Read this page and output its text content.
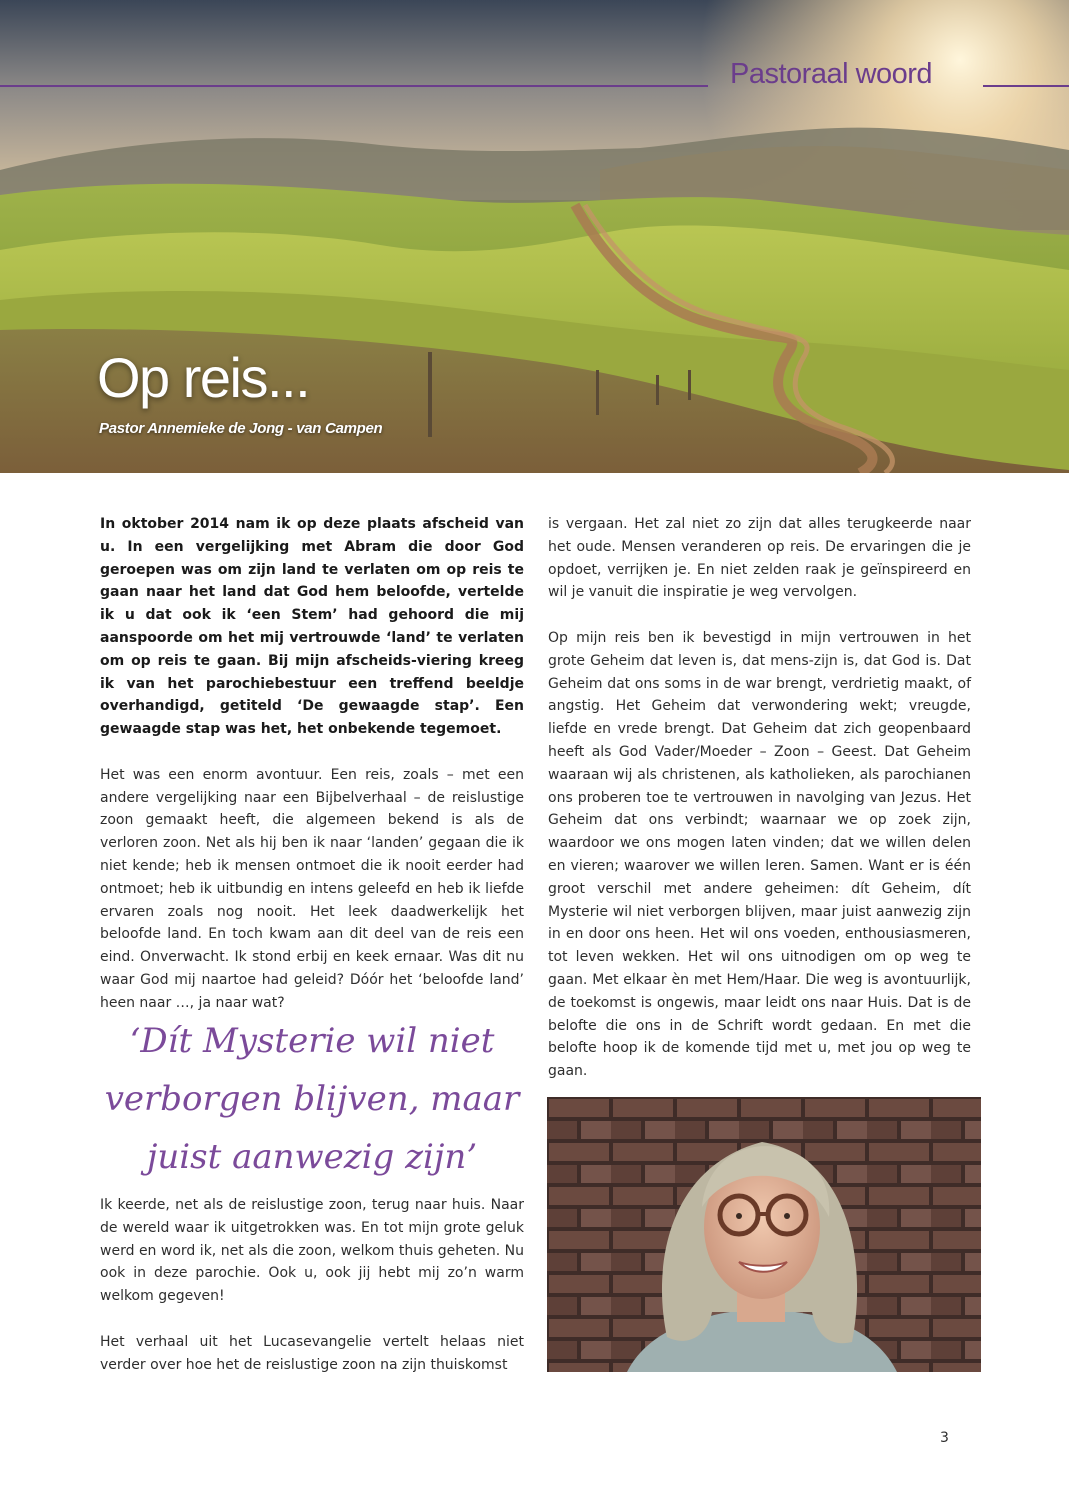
Pastoraal woord
Op reis...
Pastor Annemieke de Jong - van Campen

In oktober 2014 nam ik op deze plaats afscheid van u. In een vergelijking met Abram die door God geroepen was om zijn land te verlaten om op reis te gaan naar het land dat God hem beloofde, vertelde ik u dat ook ik ‘een Stem’ had gehoord die mij aanspoorde om het mij vertrouwde ‘land’ te verlaten om op reis te gaan. Bij mijn afscheids-viering kreeg ik van het parochiebestuur een treffend beeldje overhandigd, getiteld ‘De gewaagde stap’. Een gewaagde stap was het, het onbekende tegemoet.

Het was een enorm avontuur. Een reis, zoals – met een andere vergelijking naar een Bijbelverhaal – de reislustige zoon gemaakt heeft, die algemeen bekend is als de verloren zoon. Net als hij ben ik naar ‘landen’ gegaan die ik niet kende; heb ik mensen ontmoet die ik nooit eerder had ontmoet; heb ik uitbundig en intens geleefd en heb ik liefde ervaren zoals nog nooit. Het leek daadwerkelijk het beloofde land. En toch kwam aan dit deel van de reis een eind. Onverwacht. Ik stond erbij en keek ernaar. Was dit nu waar God mij naartoe had geleid? Dóór het ‘beloofde land’ heen naar …, ja naar wat?

‘Dít Mysterie wil niet verborgen blijven, maar juist aanwezig zijn’

Ik keerde, net als de reislustige zoon, terug naar huis. Naar de wereld waar ik uitgetrokken was. En tot mijn grote geluk werd en word ik, net als die zoon, welkom thuis geheten. Nu ook in deze parochie. Ook u, ook jij hebt mij zo’n warm welkom gegeven!

Het verhaal uit het Lucasevangelie vertelt helaas niet verder over hoe het de reislustige zoon na zijn thuiskomst

is vergaan. Het zal niet zo zijn dat alles terugkeerde naar het oude. Mensen veranderen op reis. De ervaringen die je opdoet, verrijken je. En niet zelden raak je geïnspireerd en wil je vanuit die inspiratie je weg vervolgen.

Op mijn reis ben ik bevestigd in mijn vertrouwen in het grote Geheim dat leven is, dat mens-zijn is, dat God is. Dat Geheim dat ons soms in de war brengt, verdrietig maakt, of angstig. Het Geheim dat verwondering wekt; vreugde, liefde en vrede brengt. Dat Geheim dat zich geopenbaard heeft als God Vader/Moeder – Zoon – Geest. Dat Geheim waaraan wij als christenen, als katholieken, als parochianen ons proberen toe te vertrouwen in navolging van Jezus. Het Geheim dat ons verbindt; waarnaar we op zoek zijn, waardoor we ons mogen laten vinden; dat we willen delen en vieren; waarover we willen leren. Samen. Want er is één groot verschil met andere geheimen: dít Geheim, dít Mysterie wil niet verborgen blijven, maar juist aanwezig zijn in en door ons heen. Het wil ons voeden, enthousiasmeren, tot leven wekken. Het wil ons uitnodigen om op weg te gaan. Met elkaar èn met Hem/Haar. Die weg is avontuurlijk, de toekomst is ongewis, maar leidt ons naar Huis. Dat is de belofte die ons in de Schrift wordt gedaan. En met die belofte hoop ik de komende tijd met u, met jou op weg te gaan.

3
